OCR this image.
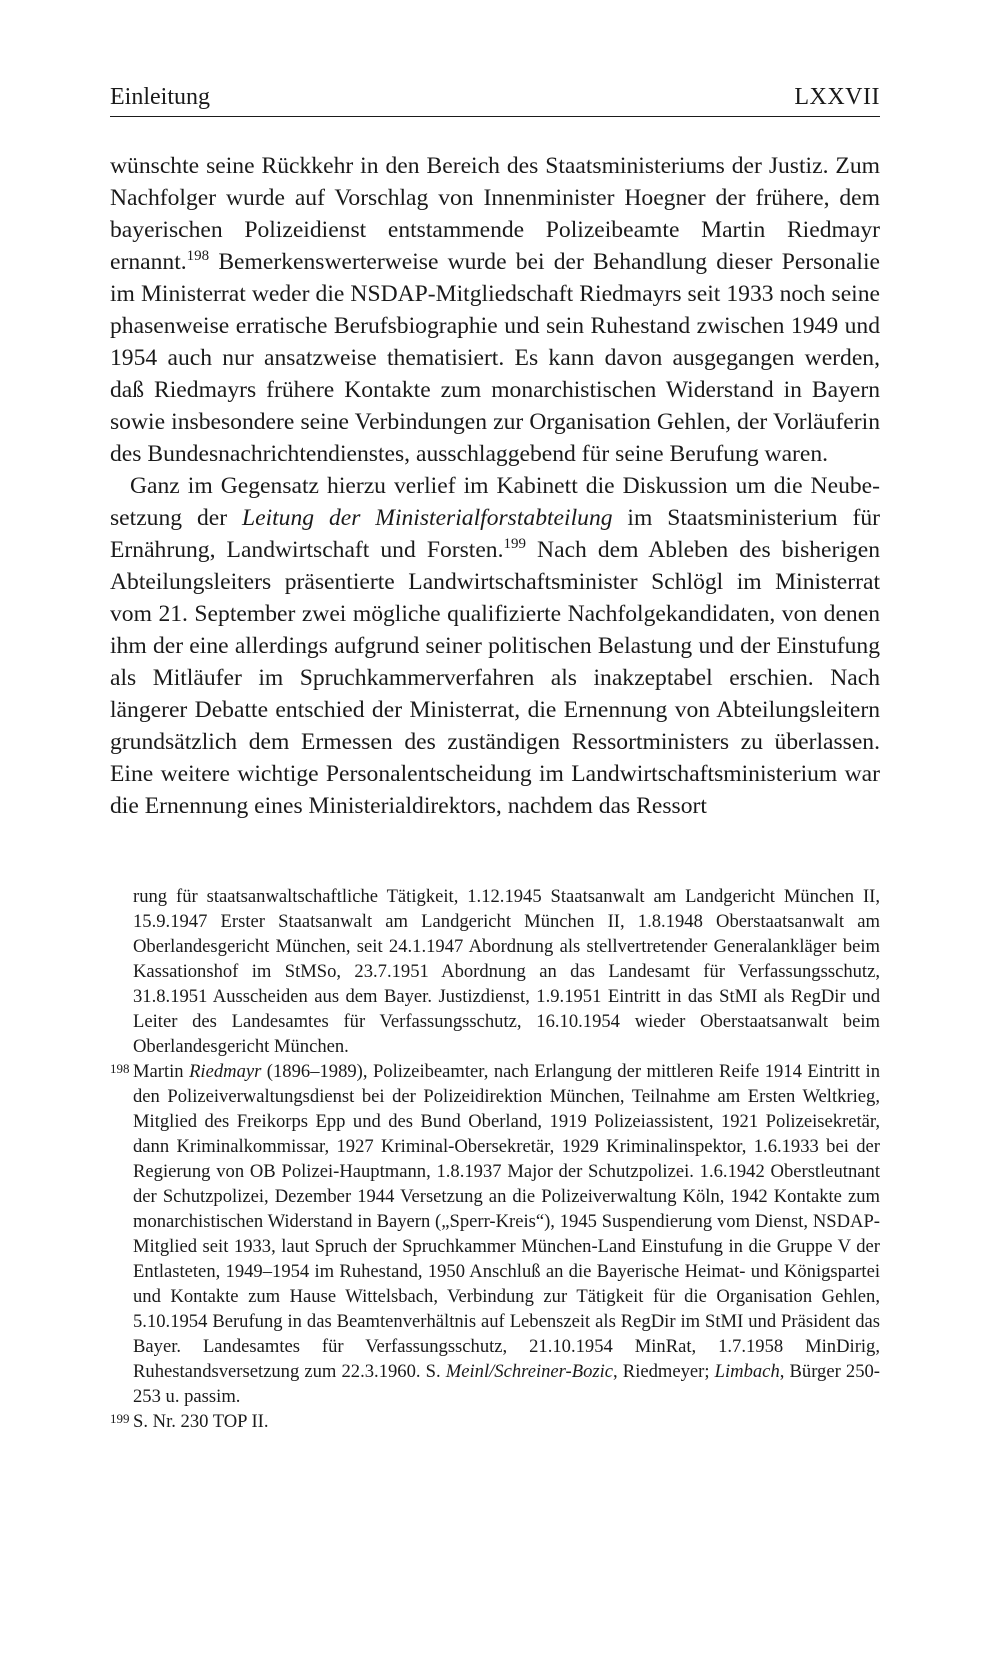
Einleitung	LXXVII

wünschte seine Rückkehr in den Bereich des Staatsministeriums der Justiz. Zum Nachfolger wurde auf Vorschlag von Innenminister Hoegner der frühere, dem bayerischen Polizeidienst entstammende Polizeibeamte Martin Riedmayr ernannt.$^{198}$ Bemerkenswerterweise wurde bei der Behandlung dieser Personalie im Ministerrat weder die NSDAP-Mitgliedschaft Riedmayrs seit 1933 noch seine phasenweise erratische Berufsbiographie und sein Ruhestand zwischen 1949 und 1954 auch nur ansatzweise thematisiert. Es kann davon ausgegangen werden, daß Riedmayrs frühere Kontakte zum monarchistischen Widerstand in Bayern sowie insbesondere seine Verbindungen zur Organisation Gehlen, der Vorläuferin des Bundesnachrichtendienstes, ausschlaggebend für seine Berufung waren.

Ganz im Gegensatz hierzu verlief im Kabinett die Diskussion um die Neubesetzung der Leitung der Ministerialforstabteilung im Staatsministerium für Ernährung, Landwirtschaft und Forsten.$^{199}$ Nach dem Ableben des bisherigen Abteilungsleiters präsentierte Landwirtschaftsminister Schlögl im Ministerrat vom 21. September zwei mögliche qualifizierte Nachfolgekandidaten, von denen ihm der eine allerdings aufgrund seiner politischen Belastung und der Einstufung als Mitläufer im Spruchkammerverfahren als inakzeptabel erschien. Nach längerer Debatte entschied der Ministerrat, die Ernennung von Abteilungsleitern grundsätzlich dem Ermessen des zuständigen Ressortministers zu überlassen. Eine weitere wichtige Personalentscheidung im Landwirtschaftsministerium war die Ernennung eines Ministerialdirektors, nachdem das Ressort

rung für staatsanwaltschaftliche Tätigkeit, 1.12.1945 Staatsanwalt am Landgericht München II, 15.9.1947 Erster Staatsanwalt am Landgericht München II, 1.8.1948 Oberstaatsanwalt am Oberlandesgericht München, seit 24.1.1947 Abordnung als stellvertretender Generalankläger beim Kassationshof im StMSo, 23.7.1951 Abordnung an das Landesamt für Verfassungsschutz, 31.8.1951 Ausscheiden aus dem Bayer. Justizdienst, 1.9.1951 Eintritt in das StMI als RegDir und Leiter des Landesamtes für Verfassungsschutz, 16.10.1954 wieder Oberstaatsanwalt beim Oberlandesgericht München.

198 Martin Riedmayr (1896–1989), Polizeibeamter, nach Erlangung der mittleren Reife 1914 Eintritt in den Polizeiverwaltungsdienst bei der Polizeidirektion München, Teilnahme am Ersten Weltkrieg, Mitglied des Freikorps Epp und des Bund Oberland, 1919 Polizeiassistent, 1921 Polizeisekretär, dann Kriminalkommissar, 1927 Kriminal-Obersekretär, 1929 Kriminalinspektor, 1.6.1933 bei der Regierung von OB Polizei-Hauptmann, 1.8.1937 Major der Schutzpolizei. 1.6.1942 Oberstleutnant der Schutzpolizei, Dezember 1944 Versetzung an die Polizeiverwaltung Köln, 1942 Kontakte zum monarchistischen Widerstand in Bayern („Sperr-Kreis“), 1945 Suspendierung vom Dienst, NSDAP-Mitglied seit 1933, laut Spruch der Spruchkammer München-Land Einstufung in die Gruppe V der Entlasteten, 1949–1954 im Ruhestand, 1950 Anschluß an die Bayerische Heimat- und Königspartei und Kontakte zum Hause Wittelsbach, Verbindung zur Tätigkeit für die Organisation Gehlen, 5.10.1954 Berufung in das Beamtenverhältnis auf Lebenszeit als RegDir im StMI und Präsident das Bayer. Landesamtes für Verfassungsschutz, 21.10.1954 MinRat, 1.7.1958 MinDirig, Ruhestandsversetzung zum 22.3.1960. S. Meinl/Schreiner-Bozic, Riedmeyer; Limbach, Bürger 250-253 u. passim.

199 S. Nr. 230 TOP II.
